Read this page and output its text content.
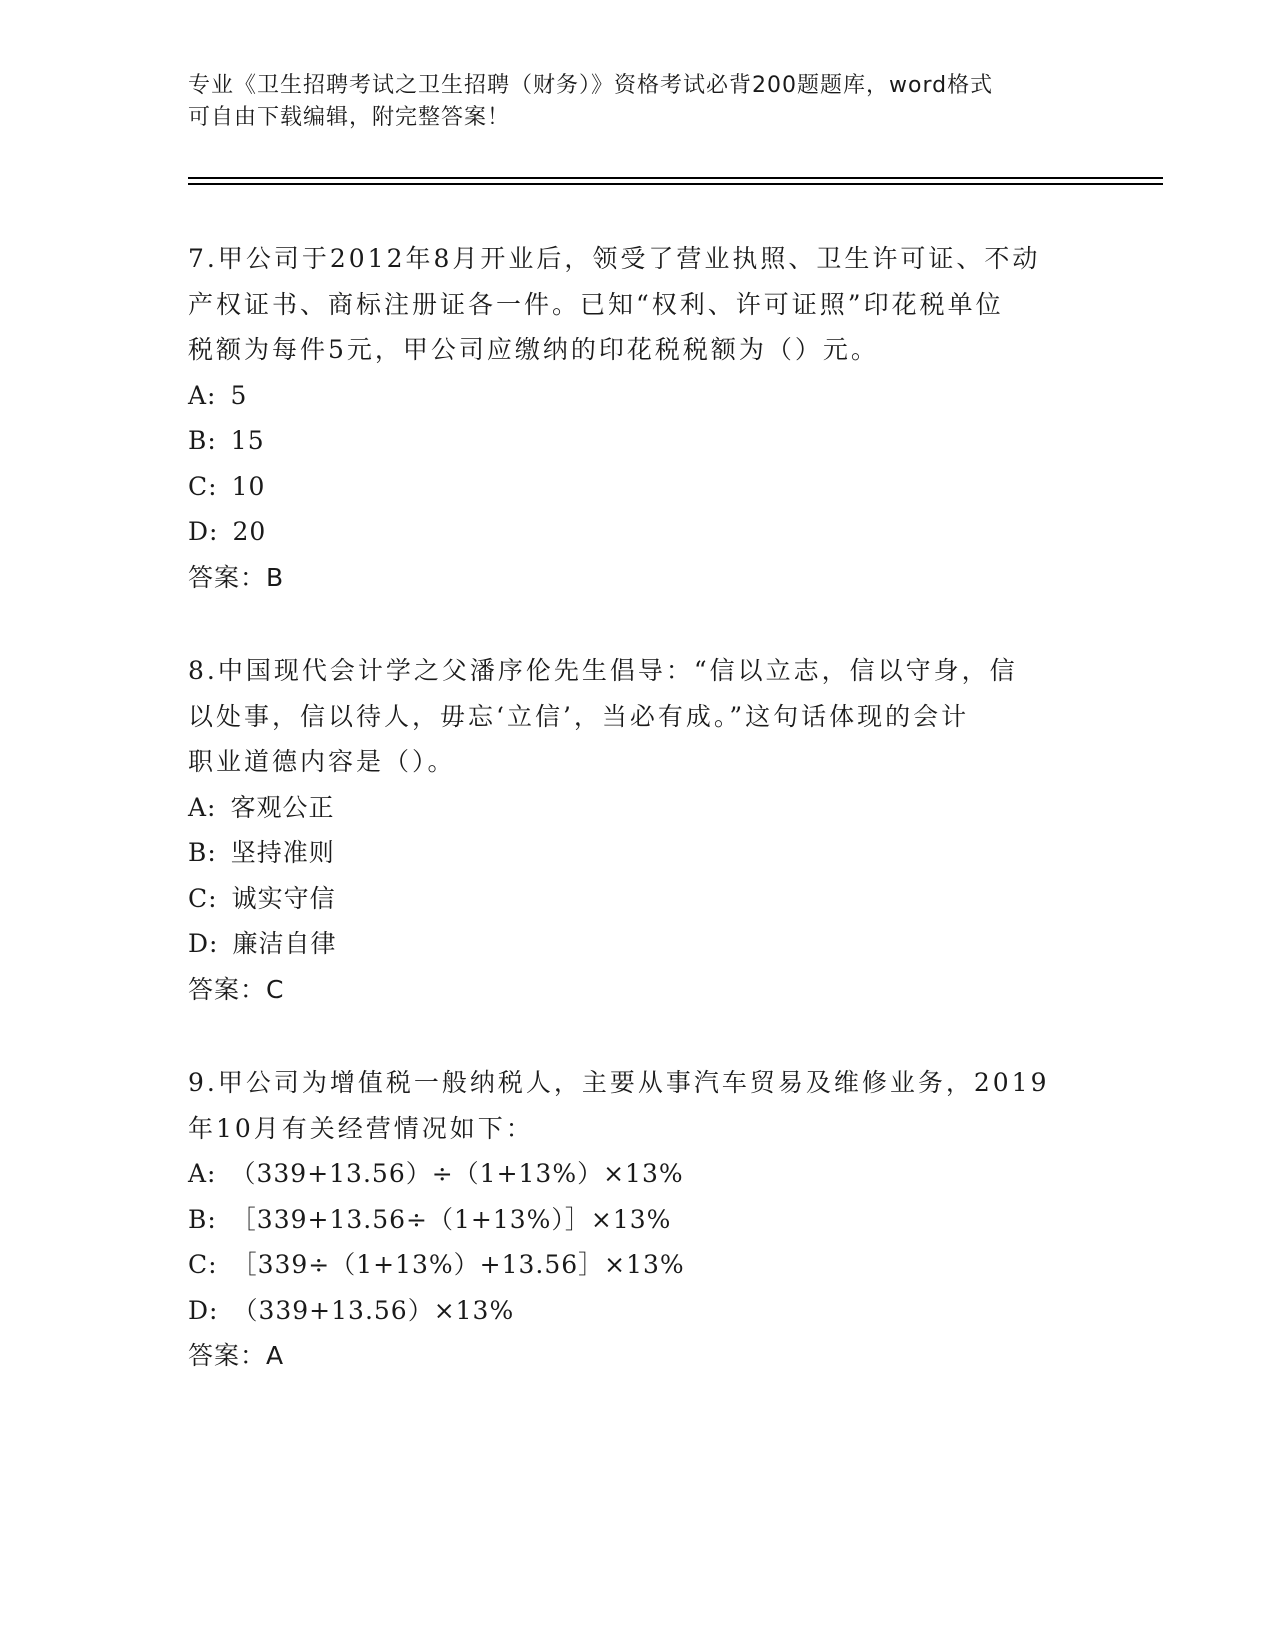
专业《卫生招聘考试之卫生招聘（财务）》资格考试必背200题题库，word格式
可自由下载编辑，附完整答案！
7.甲公司于2012年8月开业后，领受了营业执照、卫生许可证、不动
产权证书、商标注册证各一件。已知“权利、许可证照”印花税单位
税额为每件5元，甲公司应缴纳的印花税税额为（）元。
A: 5
B: 15
C: 10
D: 20
答案：B
8.中国现代会计学之父潘序伦先生倡导：“信以立志，信以守身，信
以处事，信以待人，毋忘‘立信’，当必有成。”这句话体现的会计
职业道德内容是（）。
A: 客观公正
B: 坚持准则
C: 诚实守信
D: 廉洁自律
答案：C
9.甲公司为增值税一般纳税人，主要从事汽车贸易及维修业务，2019
年10月有关经营情况如下：
A: （339+13.56）÷（1+13%）×13%
B: ［339+13.56÷（1+13%）］×13%
C: ［339÷（1+13%）+13.56］×13%
D: （339+13.56）×13%
答案：A
